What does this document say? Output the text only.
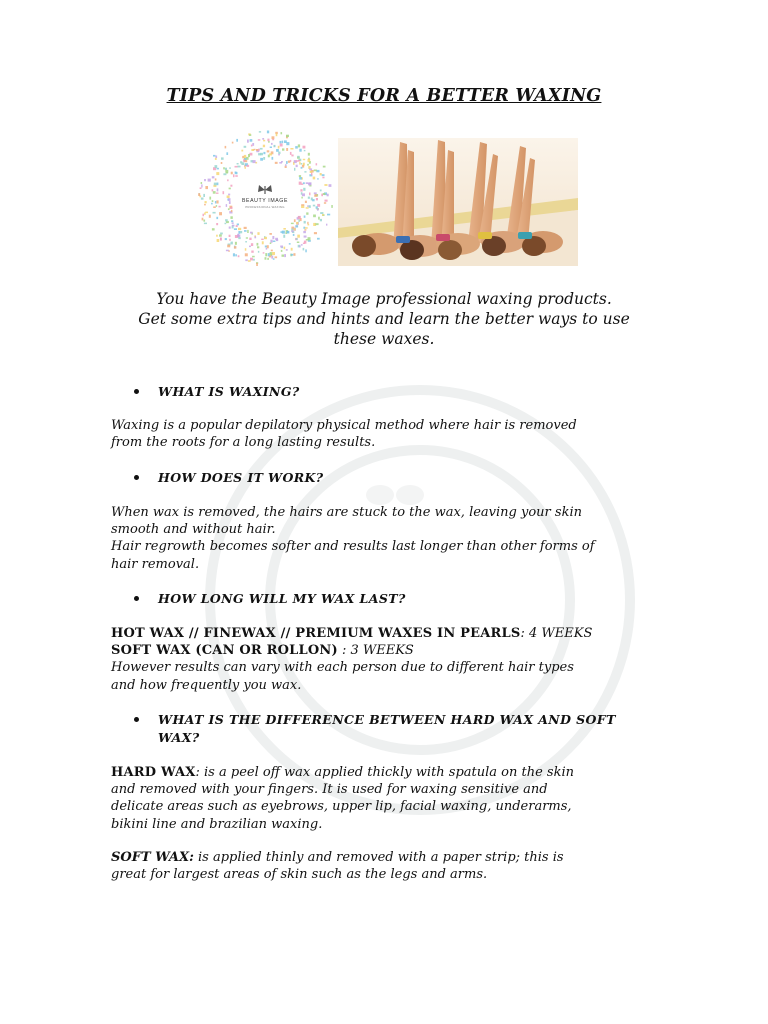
TIPS AND TRICKS FOR A BETTER WAXING
BEAUTY IMAGE
PROFESSIONAL WAXING
You have the Beauty Image professional waxing products.
Get some extra tips and hints and learn the better ways to use
these waxes.
WHAT IS WAXING?
Waxing is a popular depilatory physical method where hair is removed
from the roots for a long lasting results.
HOW DOES IT WORK?
When wax is removed, the hairs are stuck to the wax, leaving your skin
smooth and without hair.
Hair regrowth becomes softer and results last longer than other forms of
hair removal.
HOW LONG WILL MY WAX LAST?
HOT WAX // FINEWAX // PREMIUM WAXES IN PEARLS: 4 WEEKS
SOFT WAX (CAN OR ROLLON) : 3 WEEKS
However results can vary with each person due to different hair types
and how frequently you wax.
WHAT IS THE DIFFERENCE BETWEEN HARD WAX AND SOFT
WAX?
HARD WAX: is a peel off wax applied thickly with spatula on the skin
and removed with your fingers. It is used for waxing sensitive and
delicate areas such as eyebrows, upper lip, facial waxing, underarms,
bikini line and brazilian waxing.
SOFT WAX: is applied thinly and removed with a paper strip; this is
great for largest areas of skin such as the legs and arms.
